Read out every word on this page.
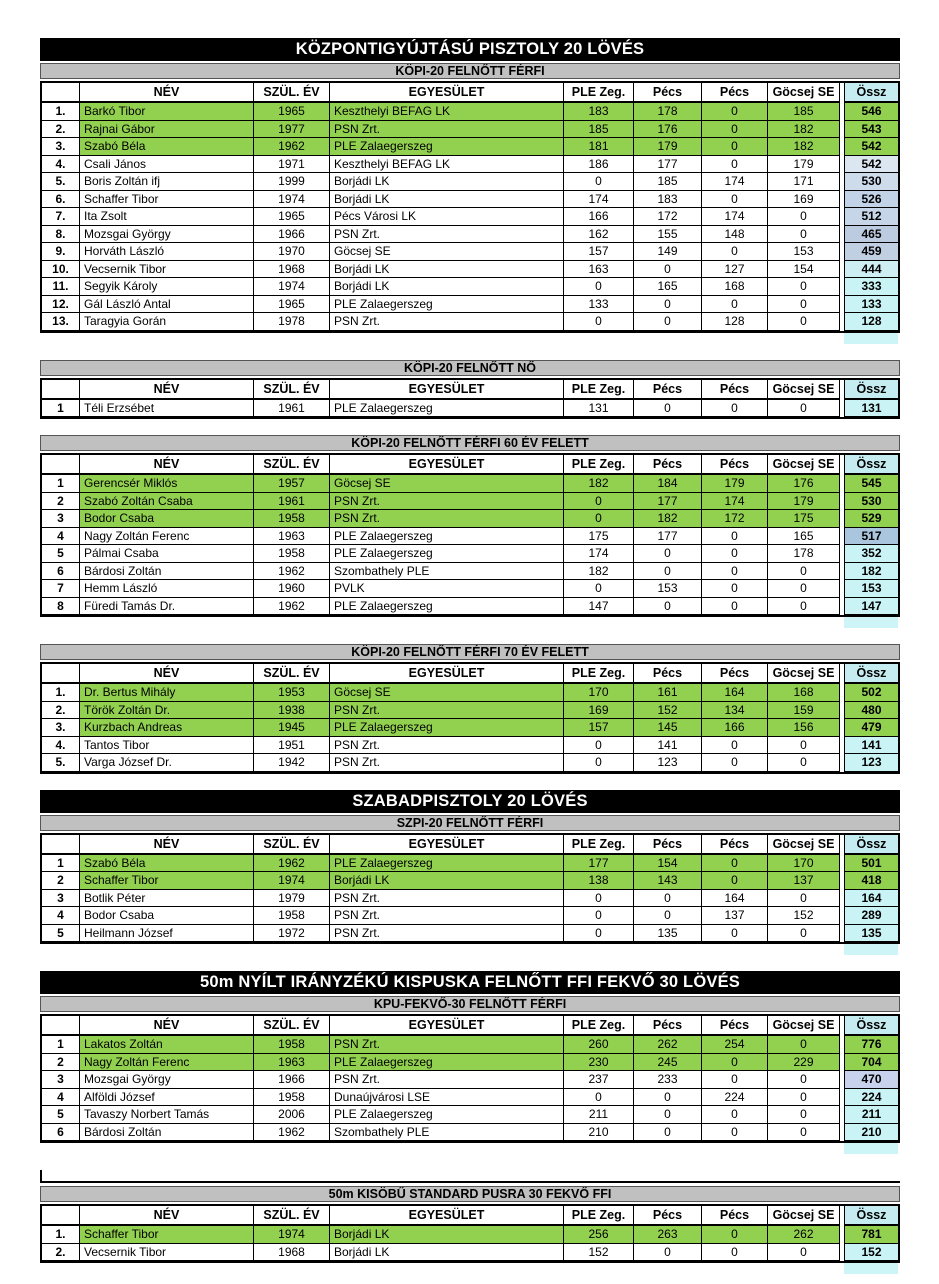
KÖZPONTIGYÚJTÁSÚ PISZTOLY 20 LÖVÉS
KÖPI-20 FELNŐTT FÉRFI
NÉV	SZÜL. ÉV	EGYESÜLET	PLE Zeg.	Pécs	Pécs	Göcsej SE	Össz
1.	Barkó Tibor	1965	Keszthelyi BEFAG LK	183	178	0	185	546
2.	Rajnai Gábor	1977	PSN Zrt.	185	176	0	182	543
3.	Szabó Béla	1962	PLE Zalaegerszeg	181	179	0	182	542
4.	Csali János	1971	Keszthelyi BEFAG LK	186	177	0	179	542
5.	Boris Zoltán ifj	1999	Borjádi LK	0	185	174	171	530
6.	Schaffer Tibor	1974	Borjádi LK	174	183	0	169	526
7.	Ita Zsolt	1965	Pécs Városi LK	166	172	174	0	512
8.	Mozsgai György	1966	PSN Zrt.	162	155	148	0	465
9.	Horváth László	1970	Göcsej SE	157	149	0	153	459
10.	Vecsernik Tibor	1968	Borjádi LK	163	0	127	154	444
11.	Segyik Károly	1974	Borjádi LK	0	165	168	0	333
12.	Gál László Antal	1965	PLE Zalaegerszeg	133	0	0	0	133
13.	Taragyia Gorán	1978	PSN Zrt.	0	0	128	0	128
KÖPI-20 FELNŐTT NŐ
NÉV	SZÜL. ÉV	EGYESÜLET	PLE Zeg.	Pécs	Pécs	Göcsej SE	Össz
1	Téli Erzsébet	1961	PLE Zalaegerszeg	131	0	0	0	131
KÖPI-20 FELNŐTT FÉRFI 60 ÉV FELETT
NÉV	SZÜL. ÉV	EGYESÜLET	PLE Zeg.	Pécs	Pécs	Göcsej SE	Össz
1	Gerencsér Miklós	1957	Göcsej SE	182	184	179	176	545
2	Szabó Zoltán Csaba	1961	PSN Zrt.	0	177	174	179	530
3	Bodor Csaba	1958	PSN Zrt.	0	182	172	175	529
4	Nagy Zoltán Ferenc	1963	PLE Zalaegerszeg	175	177	0	165	517
5	Pálmai Csaba	1958	PLE Zalaegerszeg	174	0	0	178	352
6	Bárdosi Zoltán	1962	Szombathely PLE	182	0	0	0	182
7	Hemm László	1960	PVLK	0	153	0	0	153
8	Füredi Tamás Dr.	1962	PLE Zalaegerszeg	147	0	0	0	147
KÖPI-20 FELNŐTT FÉRFI 70 ÉV FELETT
NÉV	SZÜL. ÉV	EGYESÜLET	PLE Zeg.	Pécs	Pécs	Göcsej SE	Össz
1.	Dr. Bertus Mihály	1953	Göcsej SE	170	161	164	168	502
2.	Török Zoltán Dr.	1938	PSN Zrt.	169	152	134	159	480
3.	Kurzbach Andreas	1945	PLE Zalaegerszeg	157	145	166	156	479
4.	Tantos Tibor	1951	PSN Zrt.	0	141	0	0	141
5.	Varga József Dr.	1942	PSN Zrt.	0	123	0	0	123
SZABADPISZTOLY 20 LÖVÉS
SZPI-20 FELNŐTT FÉRFI
NÉV	SZÜL. ÉV	EGYESÜLET	PLE Zeg.	Pécs	Pécs	Göcsej SE	Össz
1	Szabó Béla	1962	PLE Zalaegerszeg	177	154	0	170	501
2	Schaffer Tibor	1974	Borjádi LK	138	143	0	137	418
3	Botlik Péter	1979	PSN Zrt.	0	0	164	0	164
4	Bodor Csaba	1958	PSN Zrt.	0	0	137	152	289
5	Heilmann József	1972	PSN Zrt.	0	135	0	0	135
50m NYÍLT IRÁNYZÉKÚ KISPUSKA FELNŐTT FFI FEKVŐ 30 LÖVÉS
KPU-FEKVŐ-30 FELNŐTT FÉRFI
NÉV	SZÜL. ÉV	EGYESÜLET	PLE Zeg.	Pécs	Pécs	Göcsej SE	Össz
1	Lakatos Zoltán	1958	PSN Zrt.	260	262	254	0	776
2	Nagy Zoltán Ferenc	1963	PLE Zalaegerszeg	230	245	0	229	704
3	Mozsgai György	1966	PSN Zrt.	237	233	0	0	470
4	Alföldi József	1958	Dunaújvárosi LSE	0	0	224	0	224
5	Tavaszy Norbert Tamás	2006	PLE Zalaegerszeg	211	0	0	0	211
6	Bárdosi Zoltán	1962	Szombathely PLE	210	0	0	0	210
50m KISÖBŰ STANDARD PUSRA 30 FEKVŐ FFI
NÉV	SZÜL. ÉV	EGYESÜLET	PLE Zeg.	Pécs	Pécs	Göcsej SE	Össz
1.	Schaffer Tibor	1974	Borjádi LK	256	263	0	262	781
2.	Vecsernik Tibor	1968	Borjádi LK	152	0	0	0	152
